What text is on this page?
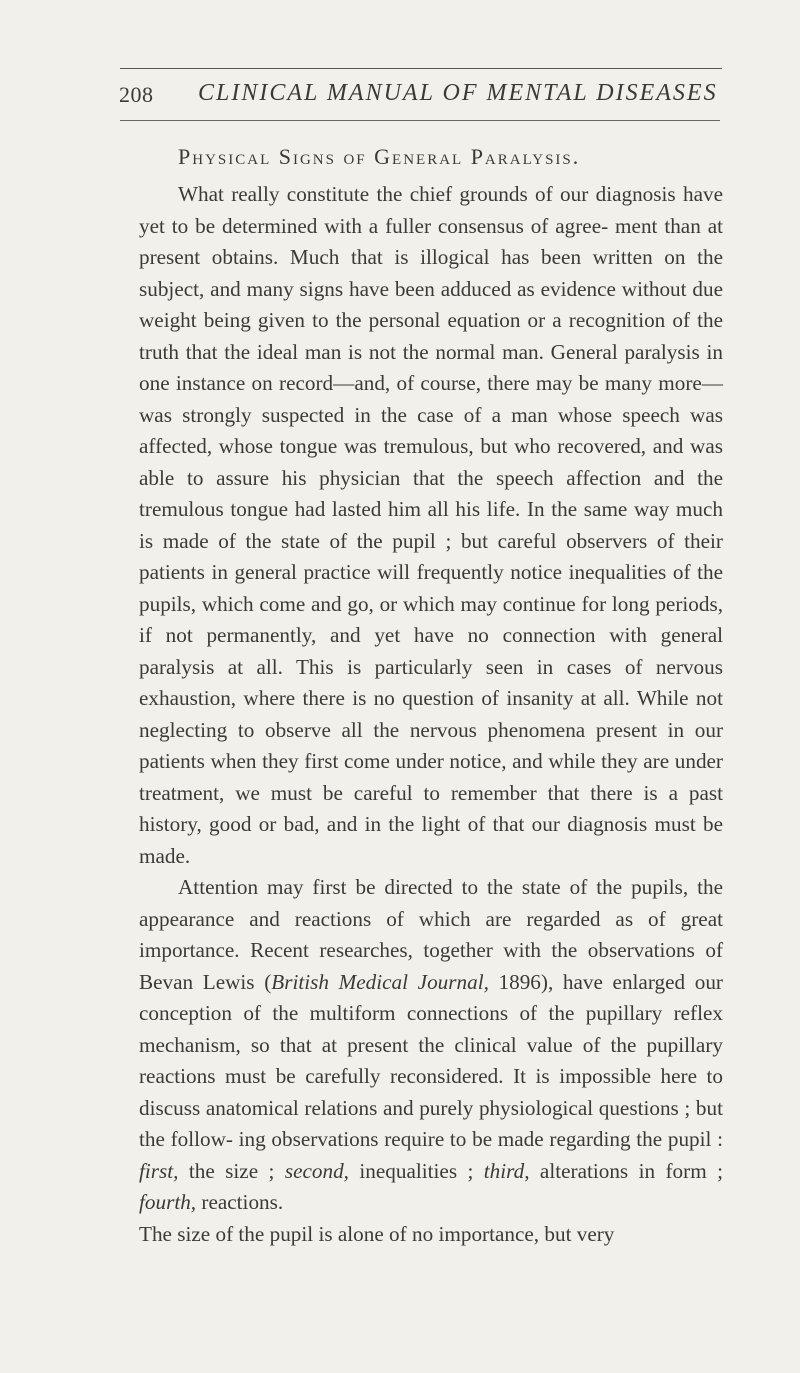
208 CLINICAL MANUAL OF MENTAL DISEASES
Physical Signs of General Paralysis.

What really constitute the chief grounds of our diagnosis have yet to be determined with a fuller consensus of agree- ment than at present obtains. Much that is illogical has been written on the subject, and many signs have been adduced as evidence without due weight being given to the personal equation or a recognition of the truth that the ideal man is not the normal man. General paralysis in one instance on record—and, of course, there may be many more—was strongly suspected in the case of a man whose speech was affected, whose tongue was tremulous, but who recovered, and was able to assure his physician that the speech affection and the tremulous tongue had lasted him all his life. In the same way much is made of the state of the pupil ; but careful observers of their patients in general practice will frequently notice inequalities of the pupils, which come and go, or which may continue for long periods, if not permanently, and yet have no connection with general paralysis at all. This is particularly seen in cases of nervous exhaustion, where there is no question of insanity at all. While not neglecting to observe all the nervous phenomena present in our patients when they first come under notice, and while they are under treatment, we must be careful to remember that there is a past history, good or bad, and in the light of that our diagnosis must be made.

Attention may first be directed to the state of the pupils, the appearance and reactions of which are regarded as of great importance. Recent researches, together with the observations of Bevan Lewis (British Medical Journal, 1896), have enlarged our conception of the multiform connections of the pupillary reflex mechanism, so that at present the clinical value of the pupillary reactions must be carefully reconsidered. It is impossible here to discuss anatomical relations and purely physiological questions ; but the follow- ing observations require to be made regarding the pupil : first, the size ; second, inequalities ; third, alterations in form ; fourth, reactions.

The size of the pupil is alone of no importance, but very
